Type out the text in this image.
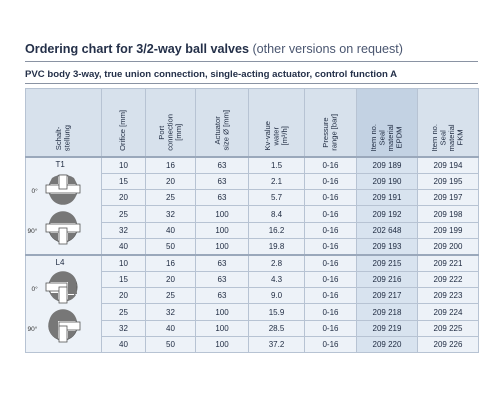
Ordering chart for 3/2-way ball valves (other versions on request)
PVC body 3-way, true union connection, single-acting actuator, control function A
Schalt-
stellung	Orifice [mm]	Port
connection
[mm]	Actuator
size Ø [mm]	Kv-value
water
[m³/h]	Pressure
range [bar]	Item no.
Seal
material
EPDM	Item no.
Seal
material
FKM

T1
0°
90°	10	16	63	1.5	0-16	209 189	209 194
	15	20	63	2.1	0-16	209 190	209 195
	20	25	63	5.7	0-16	209 191	209 197
	25	32	100	8.4	0-16	209 192	209 198
	32	40	100	16.2	0-16	202 648	209 199
	40	50	100	19.8	0-16	209 193	209 200

L4
0°
90°	10	16	63	2.8	0-16	209 215	209 221
	15	20	63	4.3	0-16	209 216	209 222
	20	25	63	9.0	0-16	209 217	209 223
	25	32	100	15.9	0-16	209 218	209 224
	32	40	100	28.5	0-16	209 219	209 225
	40	50	100	37.2	0-16	209 220	209 226
